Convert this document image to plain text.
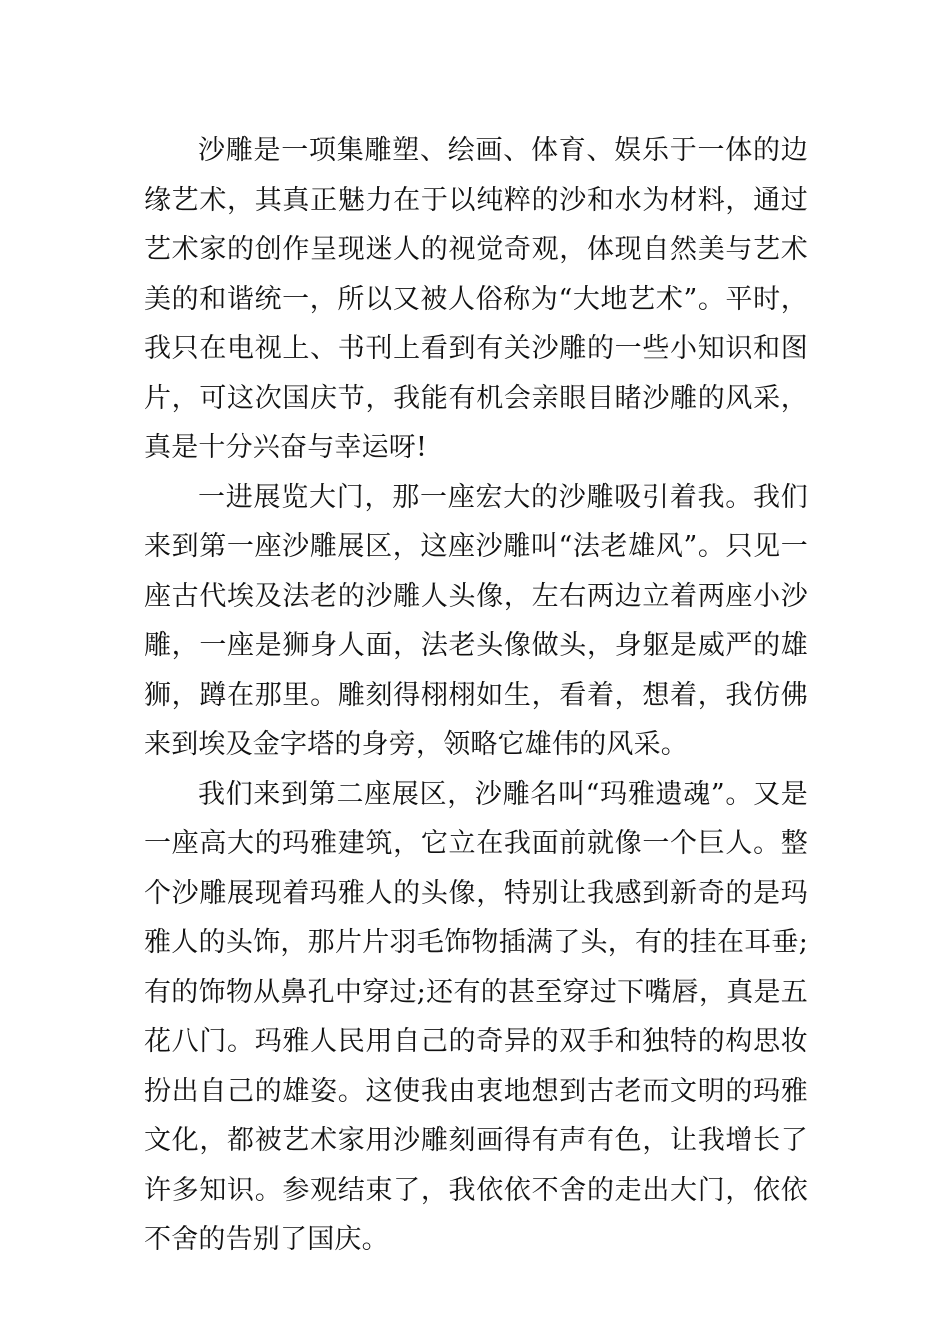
沙雕是一项集雕塑、绘画、体育、娱乐于一体的边缘艺术，其真正魅力在于以纯粹的沙和水为材料，通过艺术家的创作呈现迷人的视觉奇观，体现自然美与艺术美的和谐统一，所以又被人俗称为“大地艺术”。平时，我只在电视上、书刊上看到有关沙雕的一些小知识和图片，可这次国庆节，我能有机会亲眼目睹沙雕的风采，真是十分兴奋与幸运呀!

一进展览大门，那一座宏大的沙雕吸引着我。我们来到第一座沙雕展区，这座沙雕叫“法老雄风”。只见一座古代埃及法老的沙雕人头像，左右两边立着两座小沙雕，一座是狮身人面，法老头像做头，身躯是威严的雄狮，蹲在那里。雕刻得栩栩如生，看着，想着，我仿佛来到埃及金字塔的身旁，领略它雄伟的风采。

我们来到第二座展区，沙雕名叫“玛雅遗魂”。又是一座高大的玛雅建筑，它立在我面前就像一个巨人。整个沙雕展现着玛雅人的头像，特别让我感到新奇的是玛雅人的头饰，那片片羽毛饰物插满了头，有的挂在耳垂;有的饰物从鼻孔中穿过;还有的甚至穿过下嘴唇，真是五花八门。玛雅人民用自己的奇异的双手和独特的构思妆扮出自己的雄姿。这使我由衷地想到古老而文明的玛雅文化，都被艺术家用沙雕刻画得有声有色，让我增长了许多知识。参观结束了，我依依不舍的走出大门，依依不舍的告别了国庆。
